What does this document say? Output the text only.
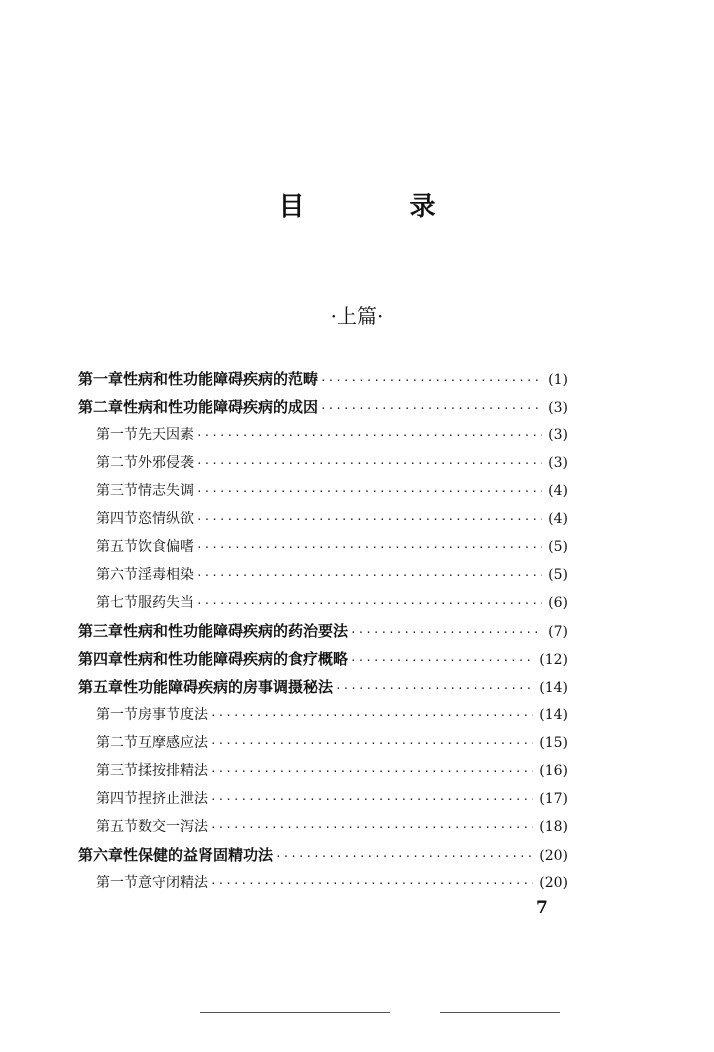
目 录
·上篇·
第一章 性病和性功能障碍疾病的范畴 ·····	(1)
第二章 性病和性功能障碍疾病的成因 ·····	(3)
第一节 先天因素 ·····	(3)
第二节 外邪侵袭 ·····	(3)
第三节 情志失调 ·····	(4)
第四节 恣情纵欲 ·····	(4)
第五节 饮食偏嗜 ·····	(5)
第六节 淫毒相染 ·····	(5)
第七节 服药失当 ·····	(6)
第三章 性病和性功能障碍疾病的药治要法 ·····	(7)
第四章 性病和性功能障碍疾病的食疗概略 ·····	(12)
第五章 性功能障碍疾病的房事调摄秘法 ·····	(14)
第一节 房事节度法 ·····	(14)
第二节 互摩感应法 ·····	(15)
第三节 揉按排精法 ·····	(16)
第四节 捏挤止泄法 ·····	(17)
第五节 数交一泻法 ·····	(18)
第六章 性保健的益肾固精功法 ·····	(20)
第一节 意守闭精法 ·····	(20)
7
